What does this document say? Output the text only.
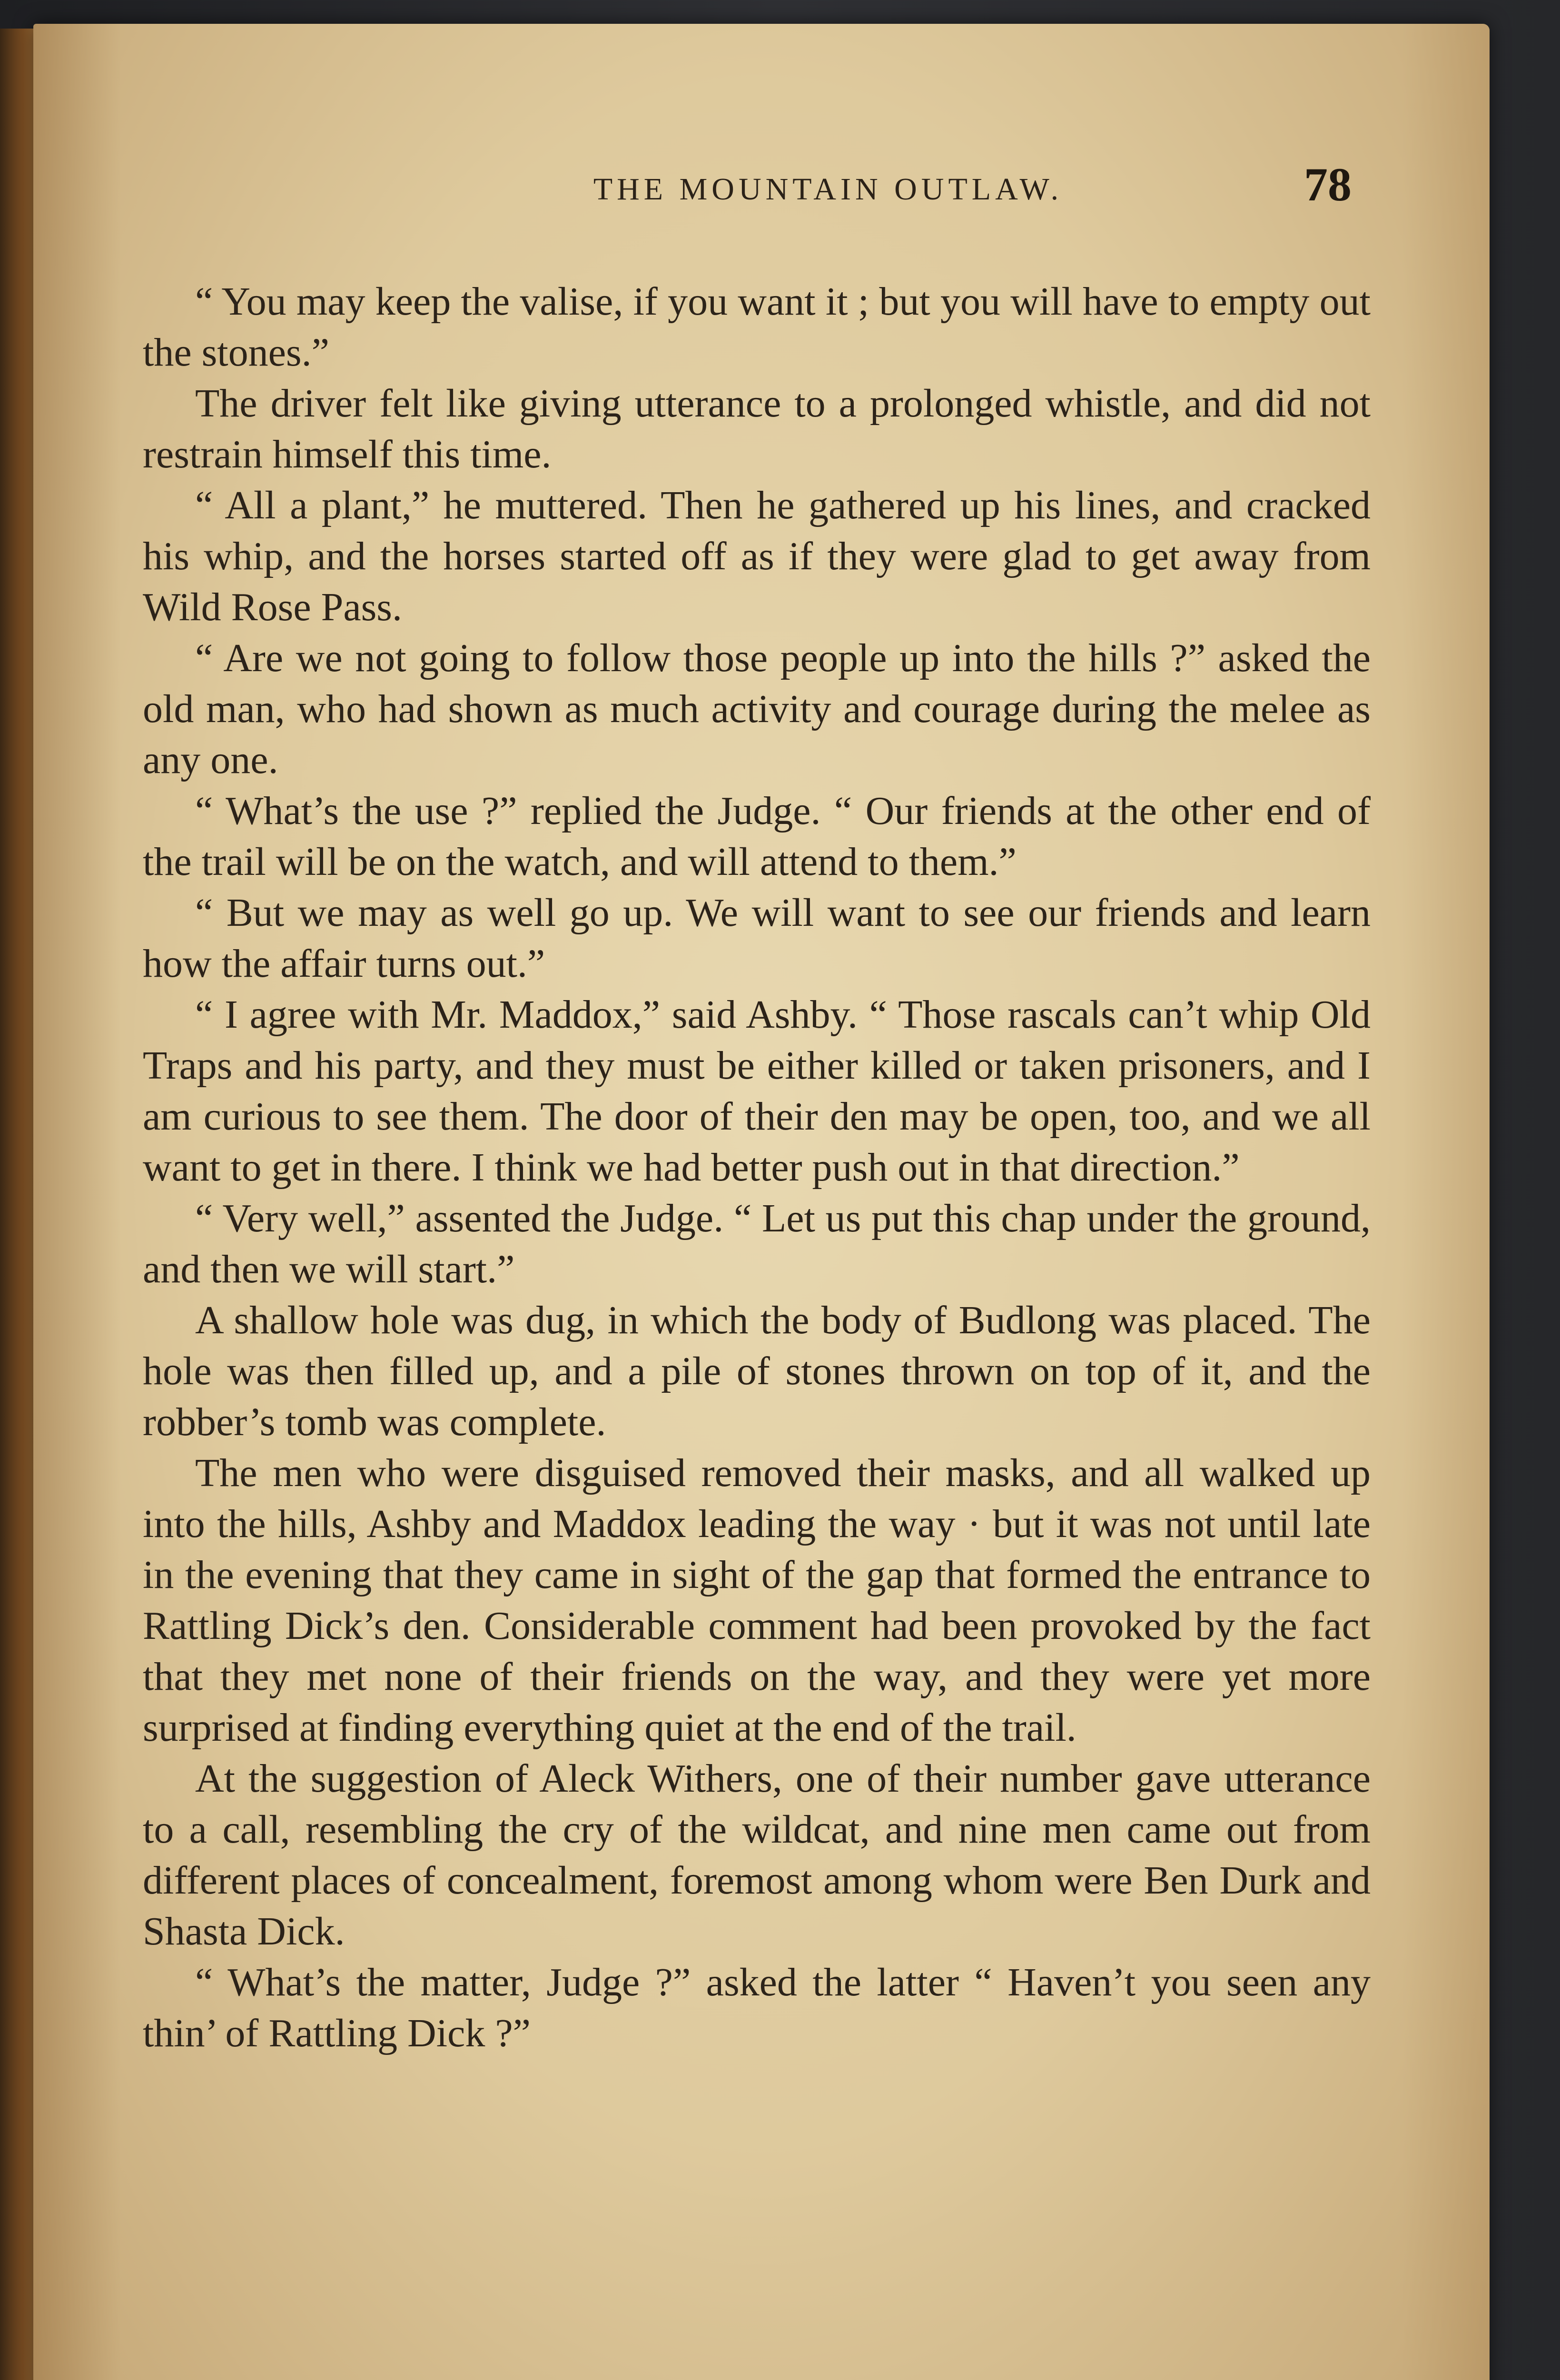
THE MOUNTAIN OUTLAW.	78

“ You may keep the valise, if you want it ; but you will have to empty out the stones.”

The driver felt like giving utterance to a prolonged whistle, and did not restrain himself this time.

“ All a plant,” he muttered. Then he gathered up his lines, and cracked his whip, and the horses started off as if they were glad to get away from Wild Rose Pass.

“ Are we not going to follow those people up into the hills ?” asked the old man, who had shown as much activity and courage during the melee as any one.

“ What’s the use ?” replied the Judge. “ Our friends at the other end of the trail will be on the watch, and will attend to them.”

“ But we may as well go up. We will want to see our friends and learn how the affair turns out.”

“ I agree with Mr. Maddox,” said Ashby. “ Those rascals can’t whip Old Traps and his party, and they must be either killed or taken prisoners, and I am curious to see them. The door of their den may be open, too, and we all want to get in there. I think we had better push out in that direction.”

“ Very well,” assented the Judge. “ Let us put this chap under the ground, and then we will start.”

A shallow hole was dug, in which the body of Budlong was placed. The hole was then filled up, and a pile of stones thrown on top of it, and the robber’s tomb was complete.

The men who were disguised removed their masks, and all walked up into the hills, Ashby and Maddox leading the way · but it was not until late in the evening that they came in sight of the gap that formed the entrance to Rattling Dick’s den. Considerable comment had been provoked by the fact that they met none of their friends on the way, and they were yet more surprised at finding everything quiet at the end of the trail.

At the suggestion of Aleck Withers, one of their number gave utterance to a call, resembling the cry of the wildcat, and nine men came out from different places of concealment, foremost among whom were Ben Durk and Shasta Dick.

“ What’s the matter, Judge ?” asked the latter “ Haven’t you seen any thin’ of Rattling Dick ?”
